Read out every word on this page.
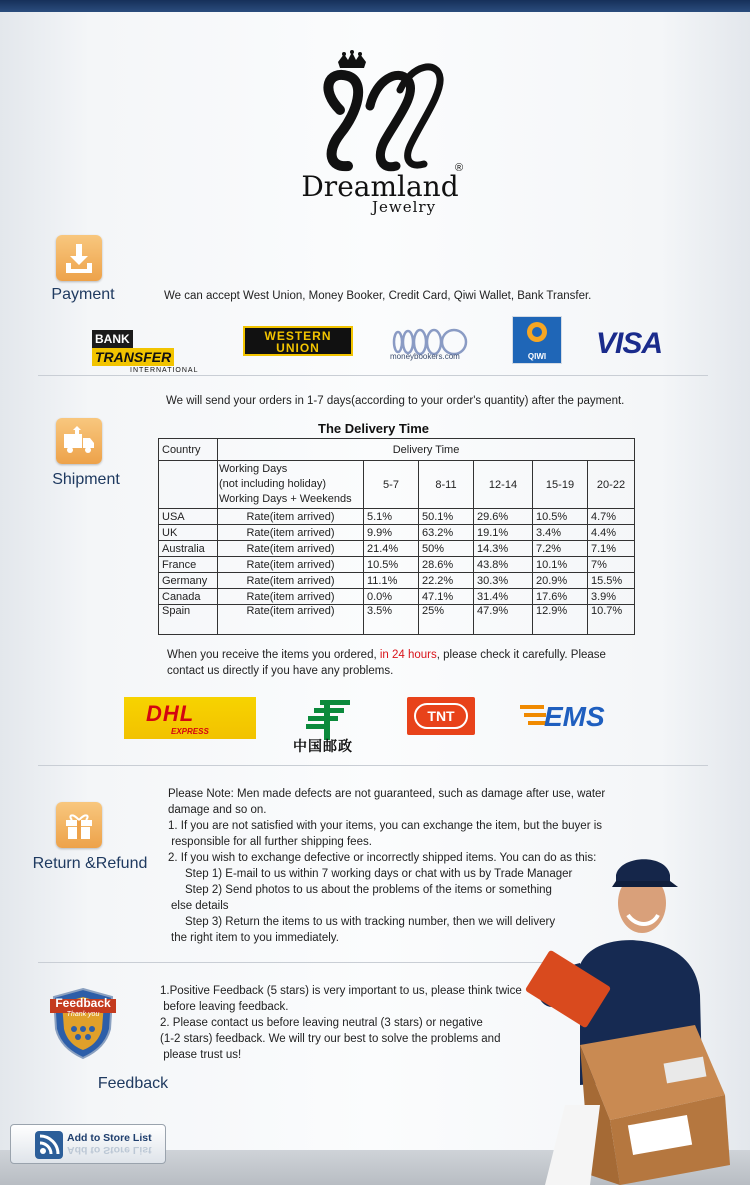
Dreamland
Jewelry
®
Payment	We can accept West Union, Money Booker, Credit Card, Qiwi Wallet, Bank Transfer.
BANKTRANSFER
INTERNATIONAL
WESTERN
UNION
moneybookers.com	QIWI	VISA
Shipment
We will send your orders in 1-7 days(according to your order's quantity) after the payment.
The Delivery Time
Country	Delivery Time					

	Working Days
(not including holiday)
Working Days + Weekends	5-7	8-11	12-14	15-19	20-22
USA	Rate(item arrived)	5.1%	50.1%	29.6%	10.5%	4.7%
UK	Rate(item arrived)	9.9%	63.2%	19.1%	3.4%	4.4%
Australia	Rate(item arrived)	21.4%	50%	14.3%	7.2%	7.1%
France	Rate(item arrived)	10.5%	28.6%	43.8%	10.1%	7%
Germany	Rate(item arrived)	11.1%	22.2%	30.3%	20.9%	15.5%
Canada	Rate(item arrived)	0.0%	47.1%	31.4%	17.6%	3.9%
Spain	Rate(item arrived)	3.5%	25%	47.9%	12.9%	10.7%
When you receive the items you ordered, in 24 hours, please check it carefully. Please
contact us directly if you have any problems.
DHL
EXPRESS
中国邮政
TNT	EMS
Return &Refund
Please Note: Men made defects are not guaranteed, such as damage after use, water
damage and so on.
1. If you are not satisfied with your items, you can exchange the item, but the buyer is
responsible for all further shipping fees.
2. If you wish to exchange defective or incorrectly shipped items. You can do as this:
Step 1) E-mail to us within 7 working days or chat with us by Trade Manager
Step 2) Send photos to us about the problems of the items or something
else details
Step 3) Return the items to us with tracking number, then we will delivery
the right item to you immediately.
Feedback
Thank you
Feedback
1.Positive Feedback (5 stars) is very important to us, please think twice
before leaving feedback.
2. Please contact us before leaving neutral (3 stars) or negative
(1-2 stars) feedback. We will try our best to solve the problems and
please trust us!
Add to Store List
Add to Store List
